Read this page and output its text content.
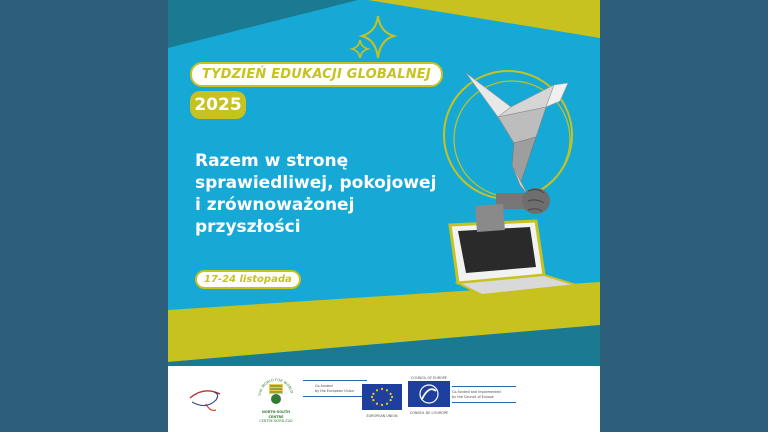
TYDZIEŃ EDUKACJI GLOBALNEJ
2025
Razem w stronę
sprawiedliwej, pokojowej
i zrównoważonej
przyszłości
17-24 listopada
~	THE WORLD FOR WORLD
NORTH-SOUTH CENTRE
CENTRE NORD-SUD
Co-funded
by the European Union
EUROPEAN UNION
COUNCIL OF EUROPE
CONSEIL DE L'EUROPE
Co-funded and implemented
by the Council of Europe
